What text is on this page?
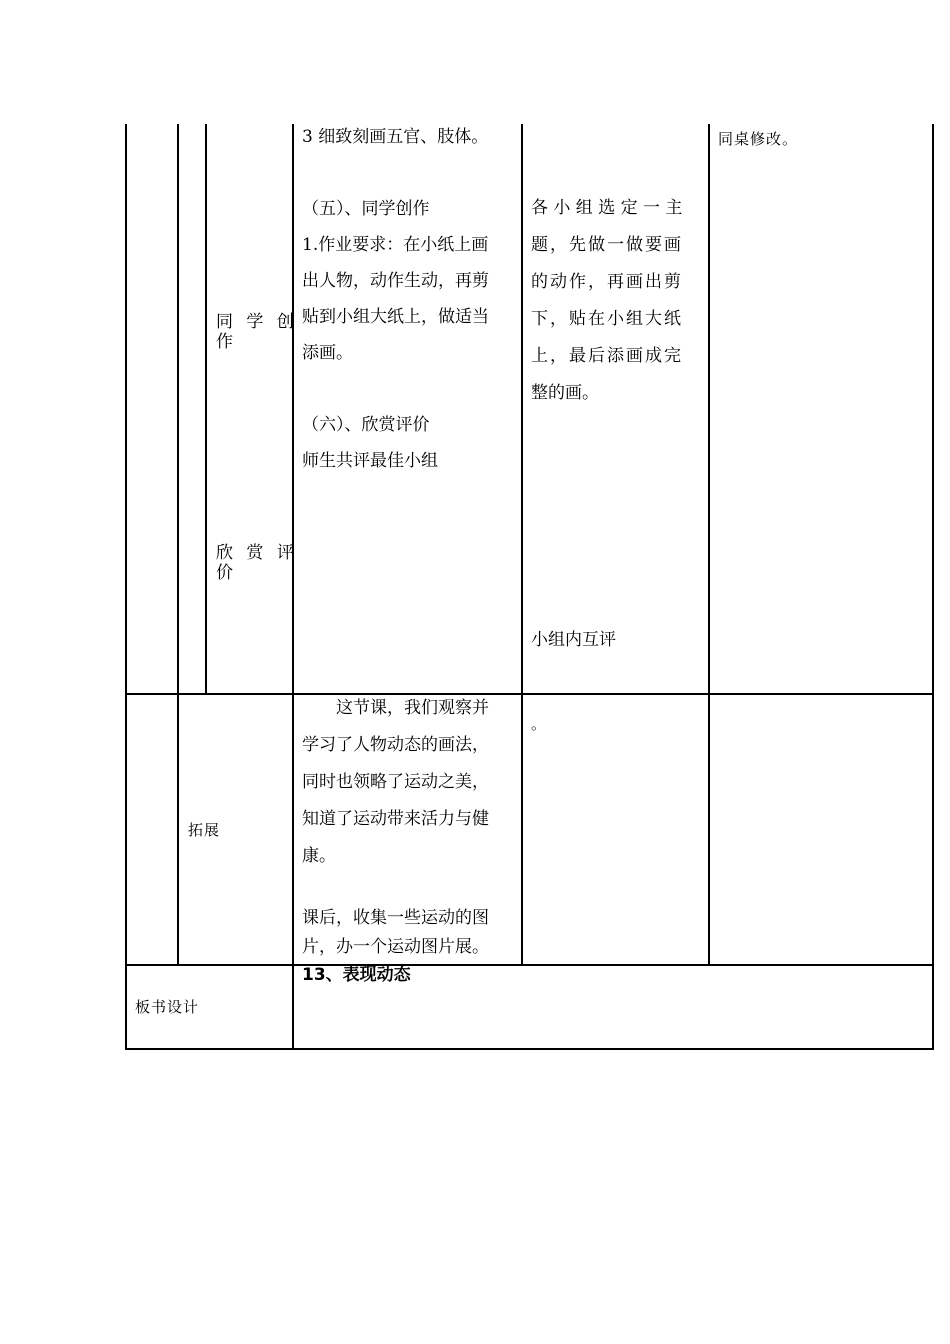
同 学 创
作
欣 赏 评
价
3 细致刻画五官、肢体。
（五）、同学创作
1.作业要求：在小纸上画
出人物，动作生动，再剪
贴到小组大纸上，做适当
添画。
（六）、欣赏评价
师生共评最佳小组
各 小 组 选 定 一 主
题，先做一做要画
的动作，再画出剪
下，贴在小组大纸
上，最后添画成完
整的画。
小组内互评
同桌修改。
拓展
　　这节课，我们观察并
学习了人物动态的画法，
同时也领略了运动之美，
知道了运动带来活力与健
康。
课后，收集一些运动的图
片，办一个运动图片展。
。
板书设计
13、表现动态
